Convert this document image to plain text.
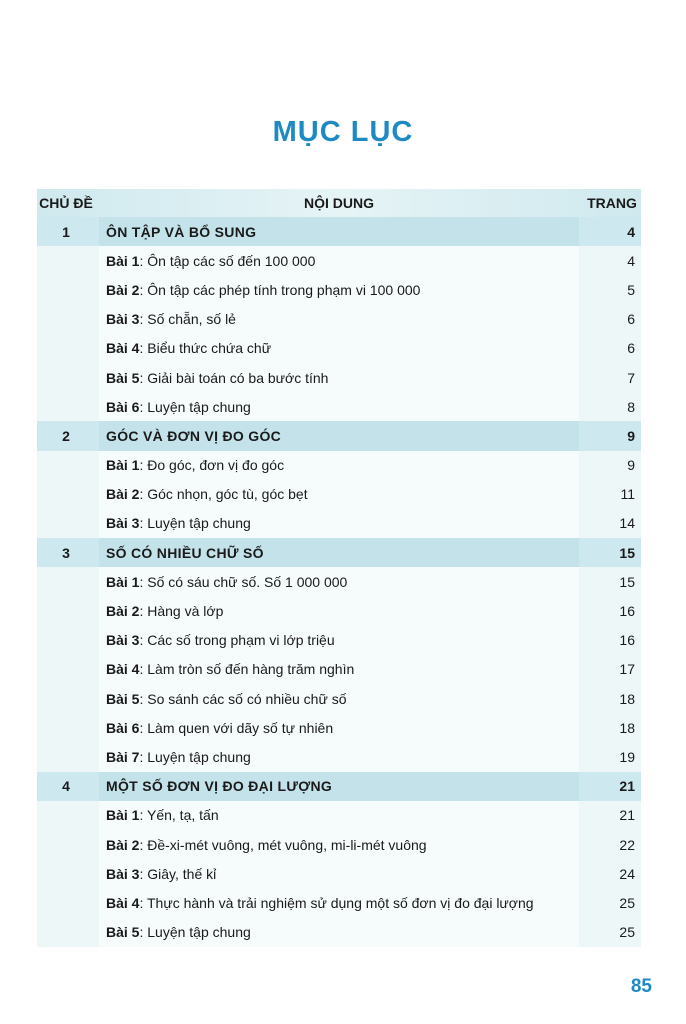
MỤC LỤC
CHỦ ĐỀ	NỘI DUNG	TRANG
1	ÔN TẬP VÀ BỔ SUNG	4
Bài 1 : Ôn tập các số đến 100 000	4
Bài 2 : Ôn tập các phép tính trong phạm vi 100 000	5
Bài 3 : Số chẵn, số lẻ	6
Bài 4 : Biểu thức chứa chữ	6
Bài 5 : Giải bài toán có ba bước tính	7
Bài 6 : Luyện tập chung	8
2	GÓC VÀ ĐƠN VỊ ĐO GÓC	9
Bài 1 : Đo góc, đơn vị đo góc	9
Bài 2 : Góc nhọn, góc tù, góc bẹt	11
Bài 3 : Luyện tập chung	14
3	SỐ CÓ NHIỀU CHỮ SỐ	15
Bài 1 : Số có sáu chữ số. Số 1 000 000	15
Bài 2 : Hàng và lớp	16
Bài 3 : Các số trong phạm vi lớp triệu	16
Bài 4 : Làm tròn số đến hàng trăm nghìn	17
Bài 5 : So sánh các số có nhiều chữ số	18
Bài 6 : Làm quen với dãy số tự nhiên	18
Bài 7 : Luyện tập chung	19
4	MỘT SỐ ĐƠN VỊ ĐO ĐẠI LƯỢNG	21
Bài 1 : Yến, tạ, tấn	21
Bài 2 : Đề-xi-mét vuông, mét vuông, mi-li-mét vuông	22
Bài 3 : Giây, thế kỉ	24
Bài 4 : Thực hành và trải nghiệm sử dụng một số đơn vị đo đại lượng	25
Bài 5 : Luyện tập chung	25
85
